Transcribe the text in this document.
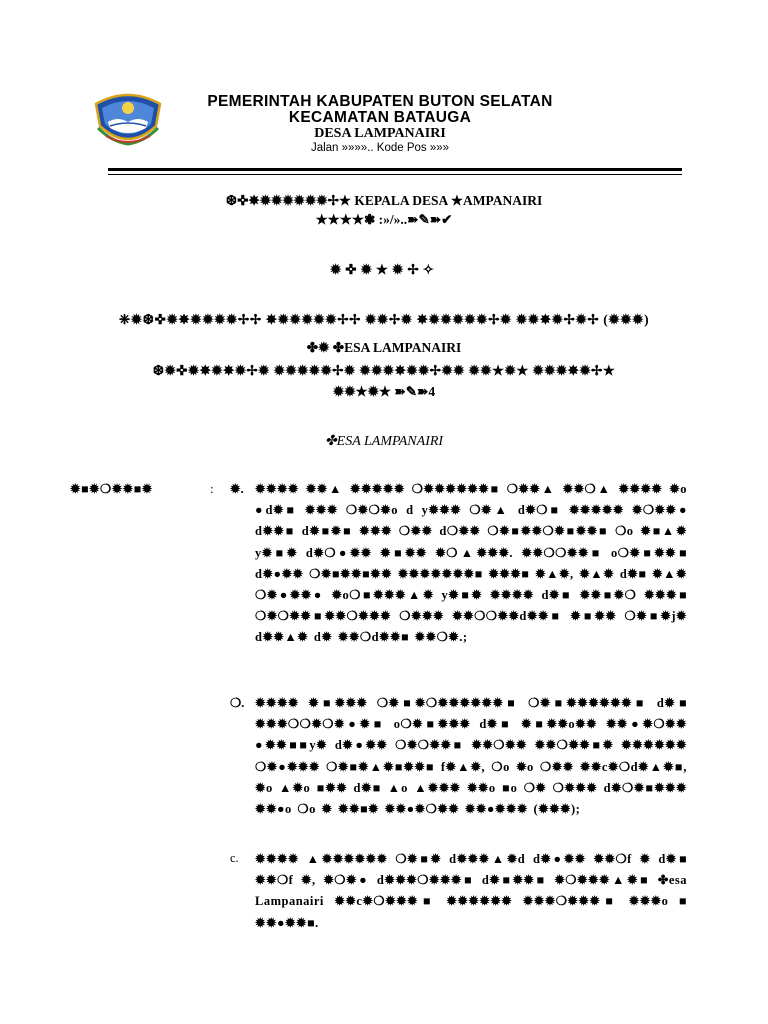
PEMERINTAH KABUPATEN BUTON SELATAN
KECAMATAN BATAUGA
DESA LAMPANAIRI
Jalan »»»».. Kode Pos »»»
❆✜✸✹✹✹✹✹✹✢★ KEPALA DESA ★AMPANAIRI
★★★★❃ :»/»..➽✎➽✔
✹✜✹★✹✢✧
❈✹❆✜✹✸✹✹✹✹✢✢ ✸✹✹✹✹✹✢✢ ✹✹✢✹ ✸✹✹✹✹✹✢✹ ✹✹✸✹✢✹✢ (✹✹✹)
✤✹ ✤ESA LAMPANAIRI
❆✹✜✹✸✹✸✹✢✹ ✹✹✹✹✹✢✹ ✹✹✹✸✹✹✢✹✹ ✹✹★✹★ ✹✹✹✸✹✢★
✹✹★✹★ ➽✎➽4
✤ESA LAMPANAIRI
✹■✹❍✹✹■✹	: ✹. ✹✹✹✹ ✹✹▲ ✹✹✹✹✹ ❍✹✹✹✹✹✹■ ❍✹✹▲ ✹✹❍▲ ✹✹✹✹ ✹o ●d✹■ ✹✹✹ ❍✹❍✹o d y✹✹✹ ❍✹▲ d✹❍■ ✹✹✹✹✹ ✹❍✹✹● d✹✹■ d✹■✹■ ✹✹✹ ❍✹✹ d❍✹✹ ❍✹■✹✹❍✹■✹✹■ ❍o ✹■▲✹ y✹■✹ d✹❍●✹✹ ✹■✹✹ ✹❍▲✹✹✹. ✹✹❍❍✹✹■ o❍✹■✹✹■ d✹●✹✹ ❍✹■✹✹■✹✹ ✹✹✹✹✹✹✹■ ✹✹✹■ ✹▲✹, ✹▲✹ d✹■ ✹▲✹ ❍✹●✹✹● ✹o❍■✹✹✹▲✹ y✹■✹ ✹✹✹✹ d✹■ ✹✹■✹❍ ✹✹✹■ ❍✹❍✹✹■✹✹❍✹✹✹ ❍✹✹✹ ✹✹❍❍✹✹d✹✹■ ✹■✹✹ ❍✹■✹j✹ d✹✹▲✹ d✹ ✹✹❍d✹✹■ ✹✹❍✹.;
❍. ✹✹✹✹ ✹■✹✹✹ ❍✹■✹❍✹✹✹✹✹✹■ ❍✹■✹✹✹✹✹✹■ d✹■ ✹✹✹❍❍✹❍✹●✹■ o❍✹■✹✹✹ d✹■ ✹■✹✹o✹✹ ✹✹●✹❍✹✹ ●✹✹■■y✹ d✹●✹✹ ❍✹❍✹✹■ ✹✹❍✹✹ ✹✹❍✹✹■✹ ✹✹✹✹✹✹ ❍✹●✹✹✹ ❍✹■✹▲✹■✹✹■ f✹▲✹, ❍o ✹o ❍✹✹ ✹✹c✹❍d✹▲✹■, ✹o ▲✹o ■✹✹ d✹■ ▲o ▲✹✹✹ ✹✹o ■o ❍✹ ❍✹✹✹ d✹❍✹■✹✹✹ ✹✹●o ❍o ✹ ✹✹■✹ ✹✹●✹❍✹✹ ✹✹●✹✹✹ (✹✹✹);
c. ✹✹✹✹ ▲✹✹✹✹✹✹ ❍✹■✹ d✹✹✹▲✹d d✹●✹✹ ✹✹❍f ✹ d✹■ ✹✹❍f ✹, ✹❍✹● d✹✹✹❍✹✹✹■ d✹■✹✹■ ✹❍✹✹✹▲✹■ ✤esa Lampanairi ✹✹c✹❍✹✹✹■ ✹✹✹✹✹✹ ✹✹✹❍✹✹✹■ ✹✹✹o ■ ✹✹●✹✹■.
